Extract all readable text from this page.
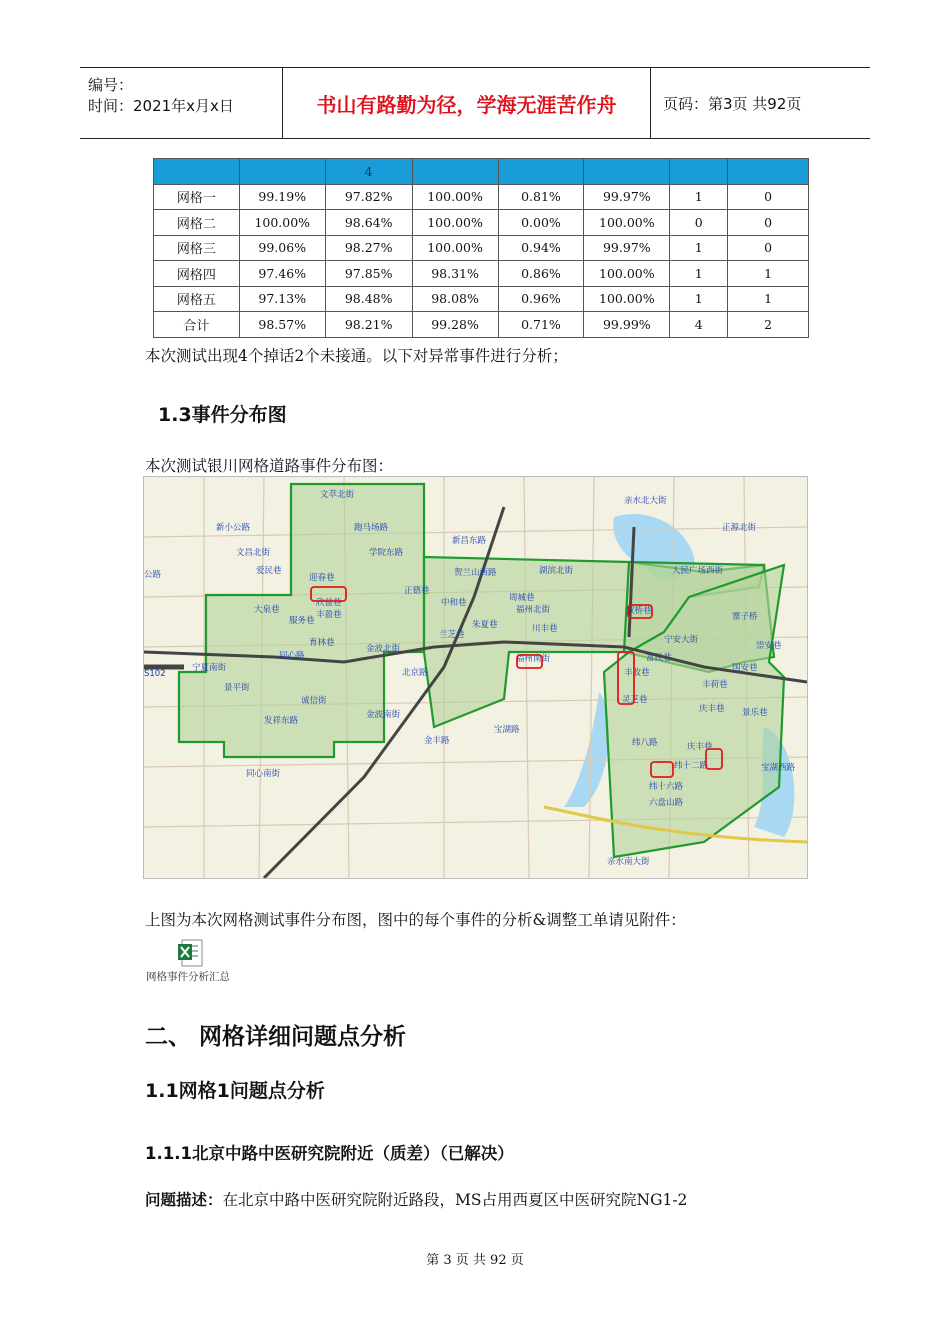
编号：
时间：2021年x月x日	书山有路勤为径，学海无涯苦作舟	页码：第3页 共92页
		4					
网格一	99.19%	97.82%	100.00%	0.81%	99.97%	1	0
网格二	100.00%	98.64%	100.00%	0.00%	100.00%	0	0
网格三	99.06%	98.27%	100.00%	0.94%	99.97%	1	0
网格四	97.46%	97.85%	98.31%	0.86%	100.00%	1	1
网格五	97.13%	98.48%	98.08%	0.96%	100.00%	1	1
合计	98.57%	98.21%	99.28%	0.71%	99.99%	4	2
本次测试出现4个掉话2个未接通。以下对异常事件进行分析；
1.3事件分布图
本次测试银川网格道路事件分布图：
文萃北街
新小公路	跑马场路
文昌北街	学院东路
新昌东路
爱民巷
迎春巷
正德巷
贺兰山西路	湖滨北街
亲水北大街
正源北街
人民广场西街
公路
欣益巷
丰盈巷
大泉巷
服务巷
中和巷	周城巷
福州北街	双桥巷
寨子桥
宁安大街
育林巷
金波北街
兰芝巷
朱夏巷	川丰巷
崇安巷
宁夏南街
同心路	富民巷
国安巷
S102
景平街
北京路
福州南街
丰收巷
灵芝巷
丰荷巷
诚信街
金波南街
庆丰巷 景乐巷
发祥东路
宝湖路
金丰路	纬八路	庆丰巷
纬十二路	宝湖西路
纬十六路
同心南街
六盘山路
亲水南大街
上图为本次网格测试事件分布图，图中的每个事件的分析&调整工单请见附件：
网格事件分析汇总
二、 网格详细问题点分析
1.1网格1问题点分析
1.1.1北京中路中医研究院附近（质差）（已解决）
问题描述：在北京中路中医研究院附近路段，MS占用西夏区中医研究院NG1-2
第 3 页 共 92 页
